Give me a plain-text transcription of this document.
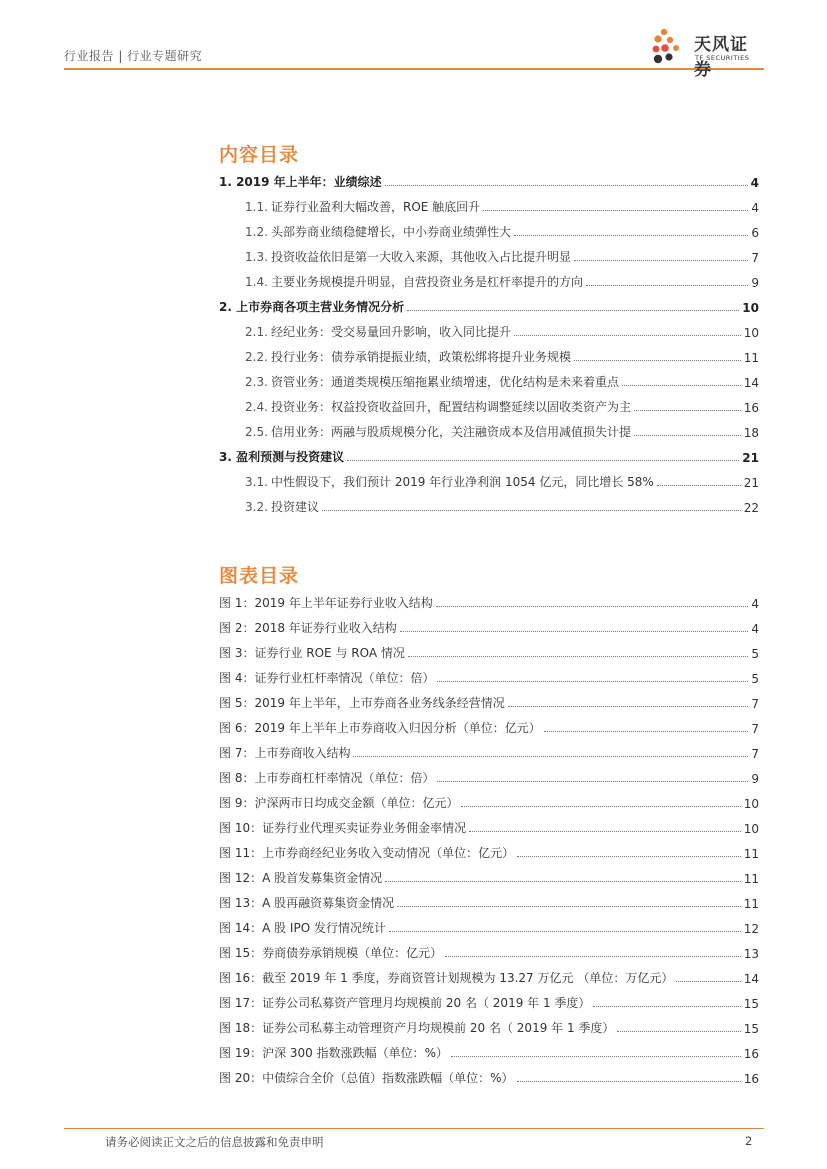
行业报告 | 行业专题研究
天风证券
TF SECURITIES
内容目录
1. 2019 年上半年：业绩综述	4
1.1. 证券行业盈利大幅改善，ROE 触底回升	4
1.2. 头部券商业绩稳健增长，中小券商业绩弹性大	6
1.3. 投资收益依旧是第一大收入来源，其他收入占比提升明显	7
1.4. 主要业务规模提升明显，自营投资业务是杠杆率提升的方向	9
2. 上市券商各项主营业务情况分析	10
2.1. 经纪业务：受交易量回升影响，收入同比提升	10
2.2. 投行业务：债券承销提振业绩，政策松绑将提升业务规模	11
2.3. 资管业务：通道类规模压缩拖累业绩增速，优化结构是未来着重点	14
2.4. 投资业务：权益投资收益回升，配置结构调整延续以固收类资产为主	16
2.5. 信用业务：两融与股质规模分化，关注融资成本及信用减值损失计提	18
3. 盈利预测与投资建议	21
3.1. 中性假设下，我们预计 2019 年行业净利润 1054 亿元，同比增长 58%	21
3.2. 投资建议	22
图表目录
图 1：2019 年上半年证券行业收入结构	4
图 2：2018 年证券行业收入结构	4
图 3：证券行业 ROE 与 ROA 情况	5
图 4：证券行业杠杆率情况（单位：倍）	5
图 5：2019 年上半年，上市券商各业务线条经营情况	7
图 6：2019 年上半年上市券商收入归因分析（单位：亿元）	7
图 7：上市券商收入结构	7
图 8：上市券商杠杆率情况（单位：倍）	9
图 9：沪深两市日均成交金额（单位：亿元）	10
图 10：证券行业代理买卖证券业务佣金率情况	10
图 11：上市券商经纪业务收入变动情况（单位：亿元）	11
图 12：A 股首发募集资金情况	11
图 13：A 股再融资募集资金情况	11
图 14：A 股 IPO 发行情况统计	12
图 15：券商债券承销规模（单位：亿元）	13
图 16：截至 2019 年 1 季度，券商资管计划规模为 13.27 万亿元 （单位：万亿元）	14
图 17：证券公司私募资产管理月均规模前 20 名（ 2019 年 1 季度）	15
图 18：证券公司私募主动管理资产月均规模前 20 名（ 2019 年 1 季度）	15
图 19：沪深 300 指数涨跌幅（单位：%）	16
图 20：中债综合全价（总值）指数涨跌幅（单位：%）	16
请务必阅读正文之后的信息披露和免责申明	2
